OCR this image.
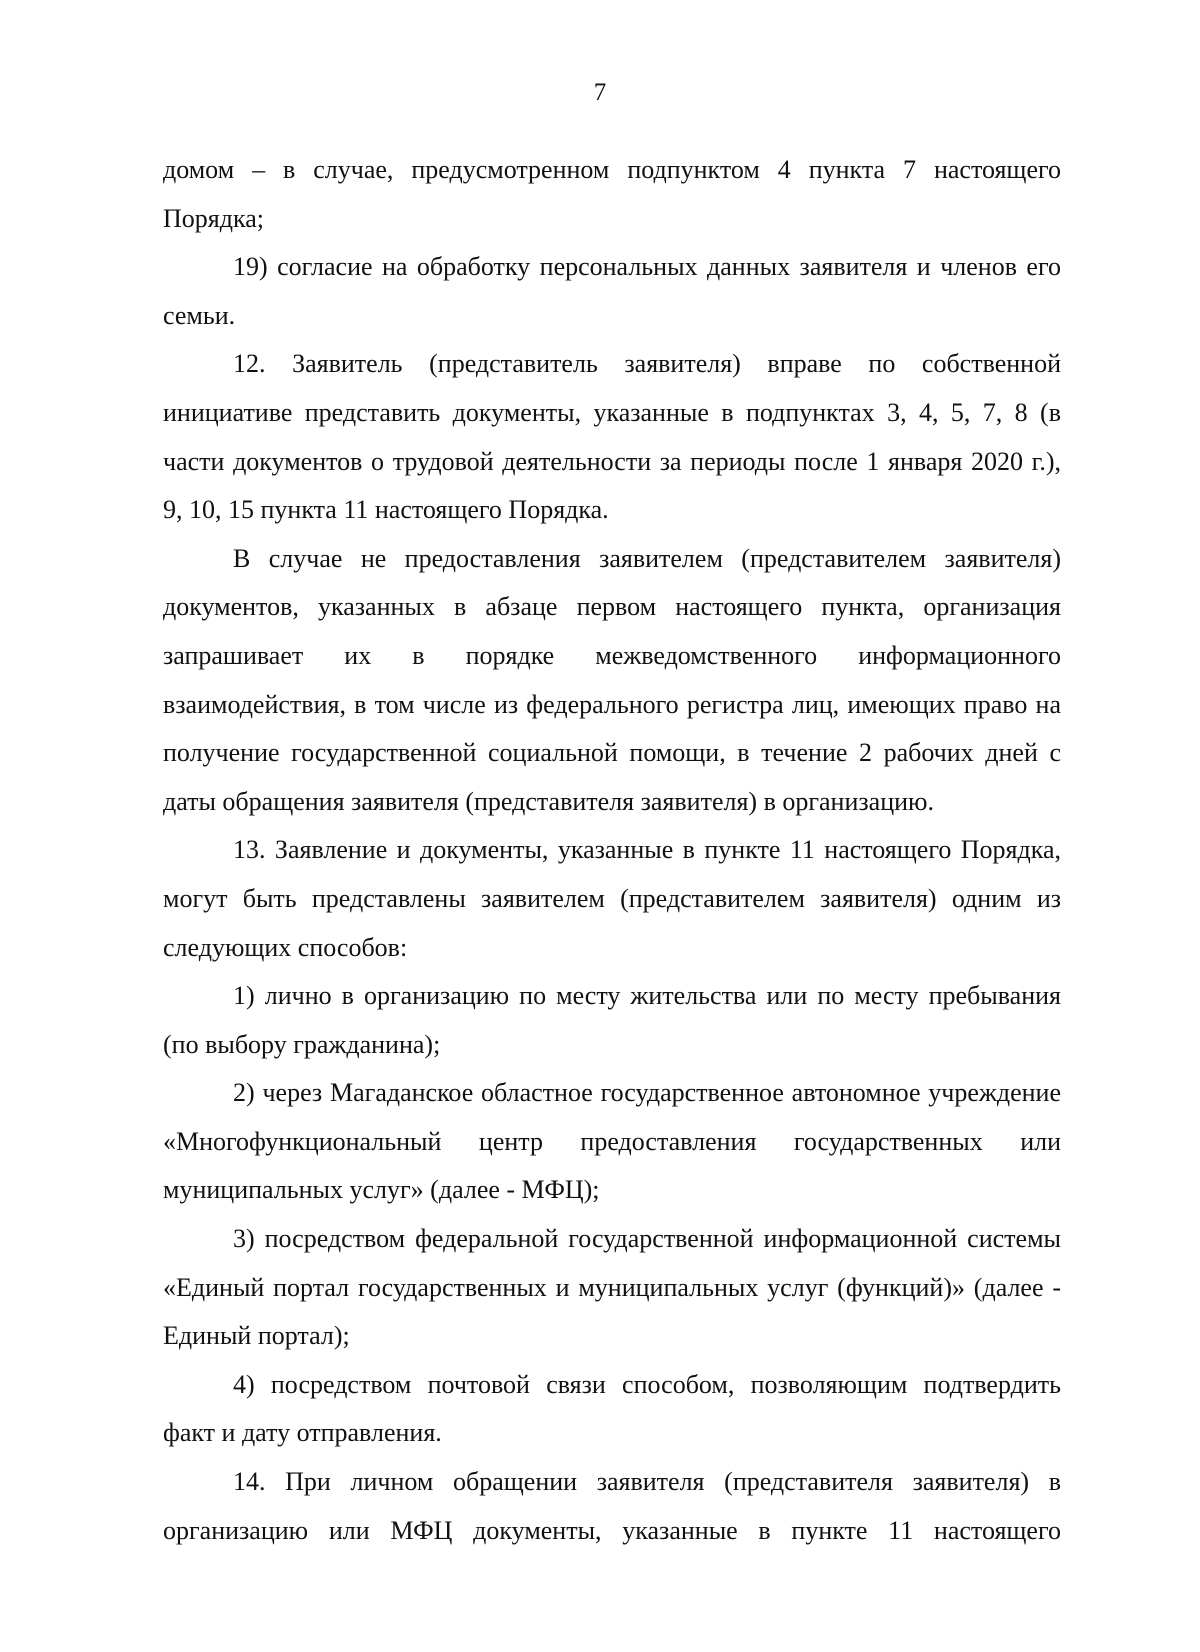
7

домом – в случае, предусмотренном подпунктом 4 пункта 7 настоящего Порядка;

19) согласие на обработку персональных данных заявителя и членов его семьи.

12. Заявитель (представитель заявителя) вправе по собственной инициативе представить документы, указанные в подпунктах 3, 4, 5, 7, 8 (в части документов о трудовой деятельности за периоды после 1 января 2020 г.), 9, 10, 15 пункта 11 настоящего Порядка.

В случае не предоставления заявителем (представителем заявителя) документов, указанных в абзаце первом настоящего пункта, организация запрашивает их в порядке межведомственного информационного взаимодействия, в том числе из федерального регистра лиц, имеющих право на получение государственной социальной помощи, в течение 2 рабочих дней с даты обращения заявителя (представителя заявителя) в организацию.

13. Заявление и документы, указанные в пункте 11 настоящего Порядка, могут быть представлены заявителем (представителем заявителя) одним из следующих способов:

1) лично в организацию по месту жительства или по месту пребывания (по выбору гражданина);

2) через Магаданское областное государственное автономное учреждение «Многофункциональный центр предоставления государственных или муниципальных услуг» (далее - МФЦ);

3) посредством федеральной государственной информационной системы «Единый портал государственных и муниципальных услуг (функций)» (далее - Единый портал);

4) посредством почтовой связи способом, позволяющим подтвердить факт и дату отправления.

14. При личном обращении заявителя (представителя заявителя) в организацию или МФЦ документы, указанные в пункте 11 настоящего
